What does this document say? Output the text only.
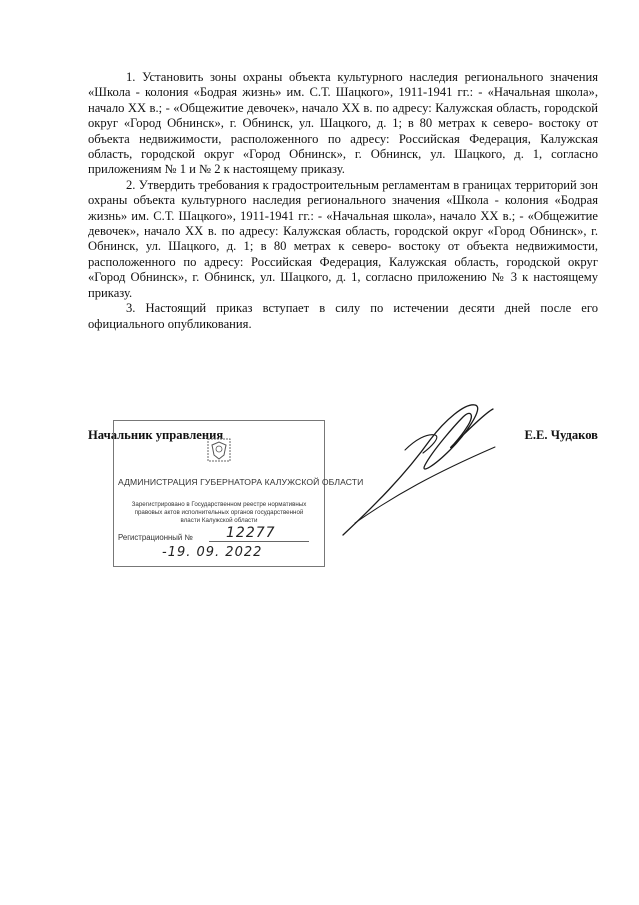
1. Установить зоны охраны объекта культурного наследия регионального значения «Школа - колония «Бодрая жизнь» им. С.Т. Шацкого», 1911-1941 гг.: - «Начальная школа», начало XX в.; - «Общежитие девочек», начало XX в. по адресу: Калужская область, городской округ «Город Обнинск», г. Обнинск, ул. Шацкого, д. 1; в 80 метрах к северо- востоку от объекта недвижимости, расположенного по адресу: Российская Федерация, Калужская область, городской округ «Город Обнинск», г. Обнинск, ул. Шацкого, д. 1, согласно приложениям № 1 и № 2 к настоящему приказу.

2. Утвердить требования к градостроительным регламентам в границах территорий зон охраны объекта культурного наследия регионального значения «Школа - колония «Бодрая жизнь» им. С.Т. Шацкого», 1911-1941 гг.: - «Начальная школа», начало XX в.; - «Общежитие девочек», начало XX в. по адресу: Калужская область, городской округ «Город Обнинск», г. Обнинск, ул. Шацкого, д. 1; в 80 метрах к северо- востоку от объекта недвижимости, расположенного по адресу: Российская Федерация, Калужская область, городской округ «Город Обнинск», г. Обнинск, ул. Шацкого, д. 1, согласно приложению № 3 к настоящему приказу.

3. Настоящий приказ вступает в силу по истечении десяти дней после его официального опубликования.

Начальник управления	Е.Е. Чудаков
АДМИНИСТРАЦИЯ ГУБЕРНАТОРА КАЛУЖСКОЙ ОБЛАСТИ
Зарегистрировано в Государственном реестре нормативных правовых актов исполнительных органов государственной власти Калужской области
Регистрационный № 12277
-19. 09. 2022
